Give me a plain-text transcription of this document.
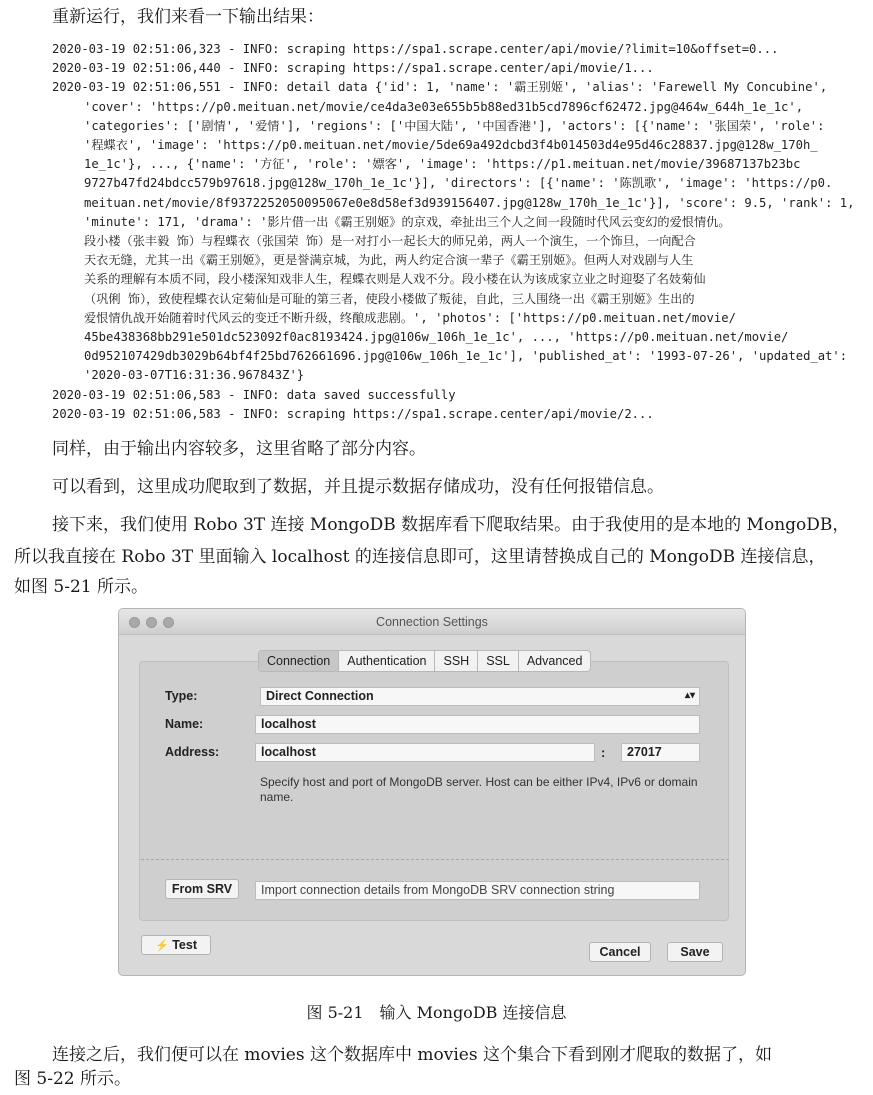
重新运行，我们来看一下输出结果：
2020-03-19 02:51:06,323 - INFO: scraping https://spa1.scrape.center/api/movie/?limit=10&offset=0...
2020-03-19 02:51:06,440 - INFO: scraping https://spa1.scrape.center/api/movie/1...
2020-03-19 02:51:06,551 - INFO: detail data {'id': 1, 'name': '霸王别姬', 'alias': 'Farewell My Concubine',
'cover': 'https://p0.meituan.net/movie/ce4da3e03e655b5b88ed31b5cd7896cf62472.jpg@464w_644h_1e_1c',
'categories': ['剧情', '爱情'], 'regions': ['中国大陆', '中国香港'], 'actors': [{'name': '张国荣', 'role':
'程蝶衣', 'image': 'https://p0.meituan.net/movie/5de69a492dcbd3f4b014503d4e95d46c28837.jpg@128w_170h_
1e_1c'}, ..., {'name': '方征', 'role': '嫖客', 'image': 'https://p1.meituan.net/movie/39687137b23bc
9727b47fd24bdcc579b97618.jpg@128w_170h_1e_1c'}], 'directors': [{'name': '陈凯歌', 'image': 'https://p0.
meituan.net/movie/8f9372252050095067e0e8d58ef3d939156407.jpg@128w_170h_1e_1c'}], 'score': 9.5, 'rank': 1,
'minute': 171, 'drama': '影片借一出《霸王别姬》的京戏，牵扯出三个人之间一段随时代风云变幻的爱恨情仇。
段小楼（张丰毅 饰）与程蝶衣（张国荣 饰）是一对打小一起长大的师兄弟，两人一个演生，一个饰旦，一向配合
天衣无缝，尤其一出《霸王别姬》，更是誉满京城，为此，两人约定合演一辈子《霸王别姬》。但两人对戏剧与人生
关系的理解有本质不同，段小楼深知戏非人生，程蝶衣则是人戏不分。段小楼在认为该成家立业之时迎娶了名妓菊仙
（巩俐 饰），致使程蝶衣认定菊仙是可耻的第三者，使段小楼做了叛徒，自此，三人围绕一出《霸王别姬》生出的
爱恨情仇战开始随着时代风云的变迁不断升级，终酿成悲剧。', 'photos': ['https://p0.meituan.net/movie/
45be438368bb291e501dc523092f0ac8193424.jpg@106w_106h_1e_1c', ..., 'https://p0.meituan.net/movie/
0d952107429db3029b64bf4f25bd762661696.jpg@106w_106h_1e_1c'], 'published_at': '1993-07-26', 'updated_at':
'2020-03-07T16:31:36.967843Z'}
2020-03-19 02:51:06,583 - INFO: data saved successfully
2020-03-19 02:51:06,583 - INFO: scraping https://spa1.scrape.center/api/movie/2...
同样，由于输出内容较多，这里省略了部分内容。
可以看到，这里成功爬取到了数据，并且提示数据存储成功，没有任何报错信息。
接下来，我们使用 Robo 3T 连接 MongoDB 数据库看下爬取结果。由于我使用的是本地的 MongoDB，
所以我直接在 Robo 3T 里面输入 localhost 的连接信息即可，这里请替换成自己的 MongoDB 连接信息，
如图 5-21 所示。
Connection Settings
Connection	Authentication	SSH	SSL	Advanced
Type:	Direct Connection	▴▾
Name:	localhost
Address:	localhost	:	27017
Specify host and port of MongoDB server. Host can be either IPv4, IPv6 or domain name.
From SRV	Import connection details from MongoDB SRV connection string
⚡ Test	Cancel	Save
图 5-21　输入 MongoDB 连接信息
连接之后，我们便可以在 movies 这个数据库中 movies 这个集合下看到刚才爬取的数据了，如
图 5-22 所示。
